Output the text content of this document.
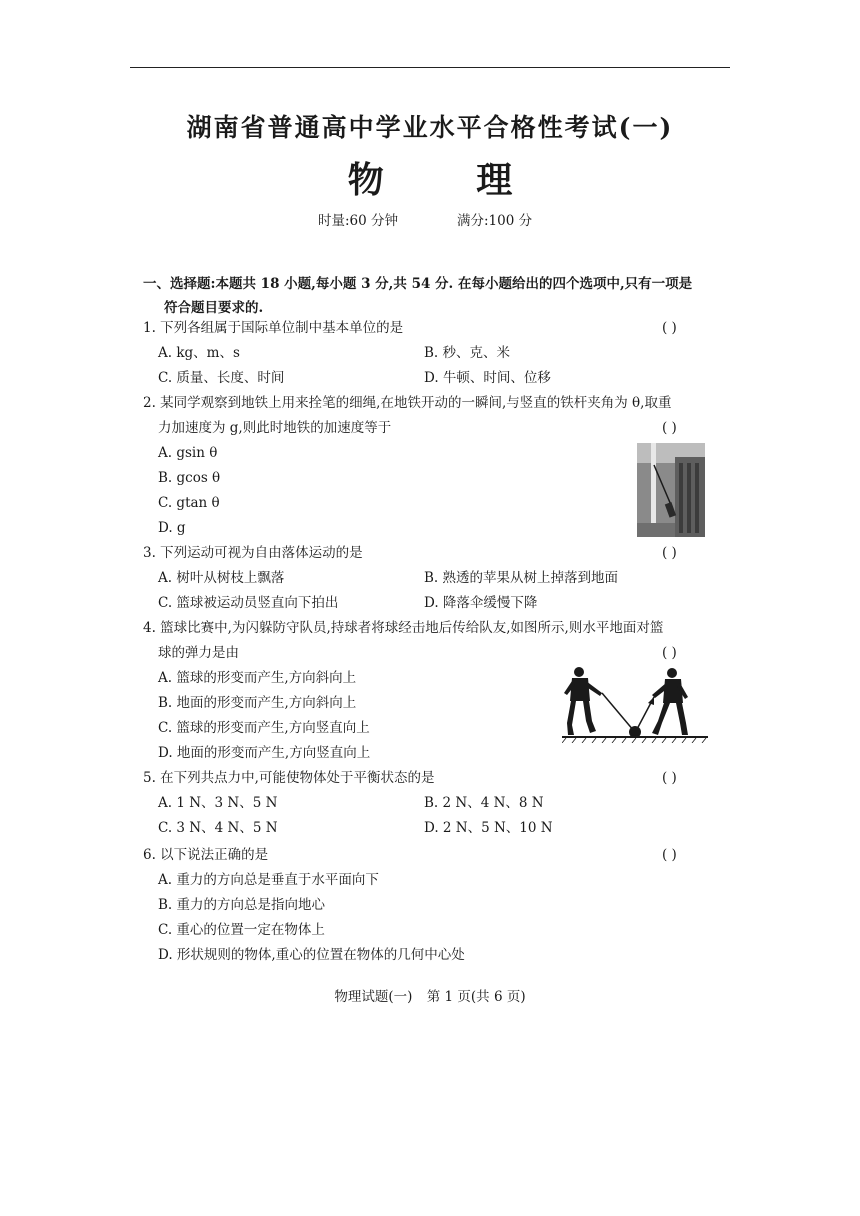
湖南省普通高中学业水平合格性考试(一)
物 理
时量:60 分钟	满分:100 分
一、选择题:本题共 18 小题,每小题 3 分,共 54 分. 在每小题给出的四个选项中,只有一项是
符合题目要求的.
1. 下列各组属于国际单位制中基本单位的是	( )
A. kg、m、s	B. 秒、克、米
C. 质量、长度、时间	D. 牛顿、时间、位移
2. 某同学观察到地铁上用来拴笔的细绳,在地铁开动的一瞬间,与竖直的铁杆夹角为 θ,取重
力加速度为 g,则此时地铁的加速度等于	( )
A. gsin θ
B. gcos θ
C. gtan θ
D. g
3. 下列运动可视为自由落体运动的是	( )
A. 树叶从树枝上飘落	B. 熟透的苹果从树上掉落到地面
C. 篮球被运动员竖直向下拍出	D. 降落伞缓慢下降
4. 篮球比赛中,为闪躲防守队员,持球者将球经击地后传给队友,如图所示,则水平地面对篮
球的弹力是由	( )
A. 篮球的形变而产生,方向斜向上
B. 地面的形变而产生,方向斜向上
C. 篮球的形变而产生,方向竖直向上
D. 地面的形变而产生,方向竖直向上
5. 在下列共点力中,可能使物体处于平衡状态的是	( )
A. 1 N、3 N、5 N	B. 2 N、4 N、8 N
C. 3 N、4 N、5 N	D. 2 N、5 N、10 N
6. 以下说法正确的是	( )
A. 重力的方向总是垂直于水平面向下
B. 重力的方向总是指向地心
C. 重心的位置一定在物体上
D. 形状规则的物体,重心的位置在物体的几何中心处
物理试题(一) 第 1 页(共 6 页)
